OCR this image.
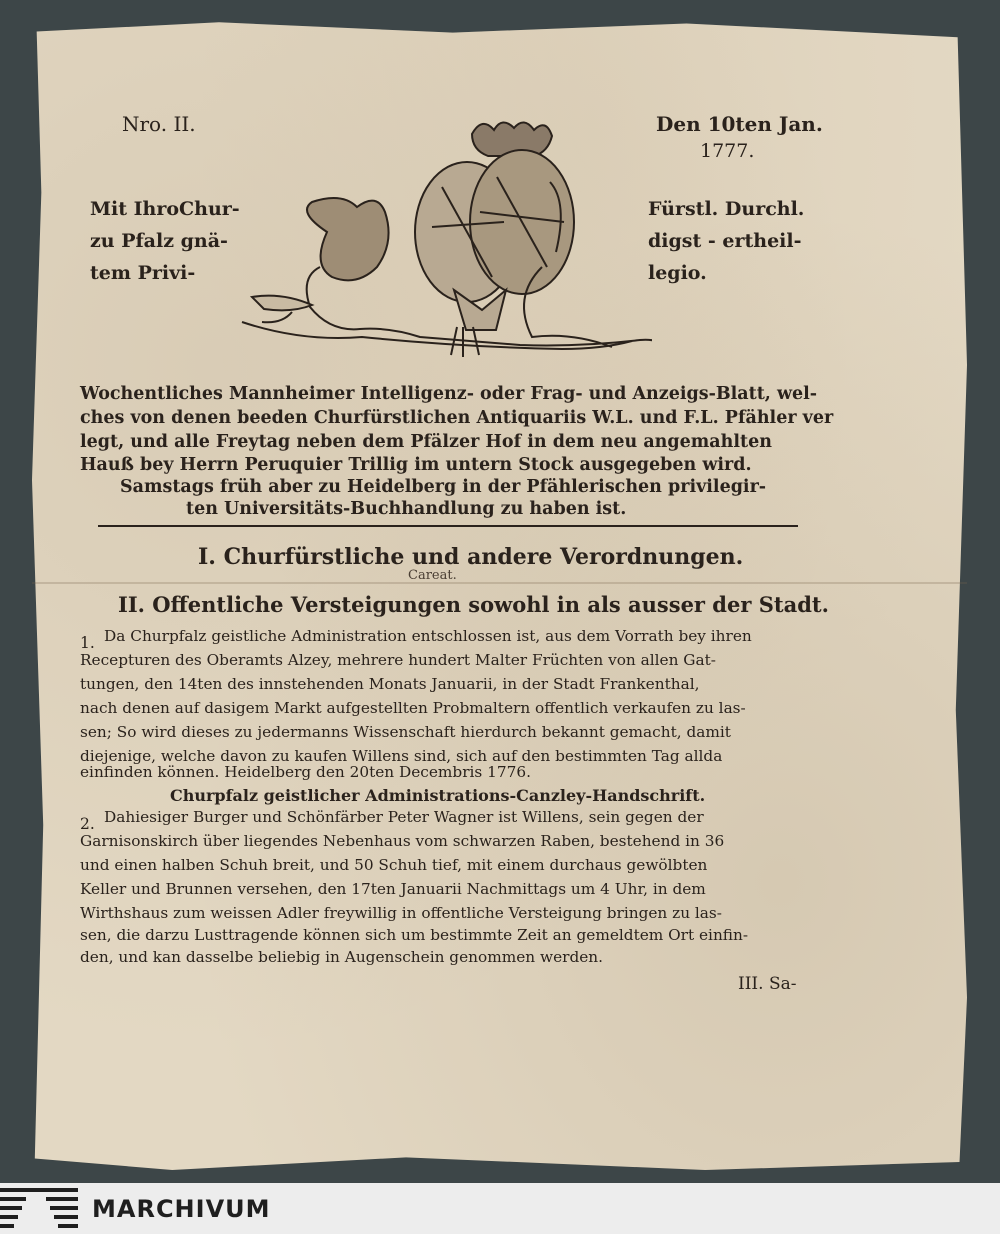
Nro. II.	Den 10ten Jan.
1777.
Mit IhroChur-
zu Pfalz gnä-
tem Privi-
Fürstl. Durchl.
digst - ertheil-
legio.
Wochentliches Mannheimer Intelligenz- oder Frag- und Anzeigs-Blatt, wel-
ches von denen beeden Churfürstlichen Antiquariis W.L. und F.L. Pfähler ver
legt, und alle Freytag neben dem Pfälzer Hof in dem neu angemahlten
Hauß bey Herrn Peruquier Trillig im untern Stock ausgegeben wird.
Samstags früh aber zu Heidelberg in der Pfählerischen privilegir-
ten Universitäts-Buchhandlung zu haben ist.
I. Churfürstliche und andere Verordnungen.
Careat.
II. Offentliche Versteigungen sowohl in als ausser der Stadt.
1. Da Churpfalz geistliche Administration entschlossen ist, aus dem Vorrath bey ihren
Recepturen des Oberamts Alzey, mehrere hundert Malter Früchten von allen Gat-
tungen, den 14ten des innstehenden Monats Januarii, in der Stadt Frankenthal,
nach denen auf dasigem Markt aufgestellten Probmaltern offentlich verkaufen zu las-
sen; So wird dieses zu jedermanns Wissenschaft hierdurch bekannt gemacht, damit
diejenige, welche davon zu kaufen Willens sind, sich auf den bestimmten Tag allda
einfinden können. Heidelberg den 20ten Decembris 1776.
Churpfalz geistlicher Administrations-Canzley-Handschrift.
2. Dahiesiger Burger und Schönfärber Peter Wagner ist Willens, sein gegen der
Garnisonskirch über liegendes Nebenhaus vom schwarzen Raben, bestehend in 36
und einen halben Schuh breit, und 50 Schuh tief, mit einem durchaus gewölbten
Keller und Brunnen versehen, den 17ten Januarii Nachmittags um 4 Uhr, in dem
Wirthshaus zum weissen Adler freywillig in offentliche Versteigung bringen zu las-
sen, die darzu Lusttragende können sich um bestimmte Zeit an gemeldtem Ort einfin-
den, und kan dasselbe beliebig in Augenschein genommen werden.
III. Sa-
MARCHIVUM
